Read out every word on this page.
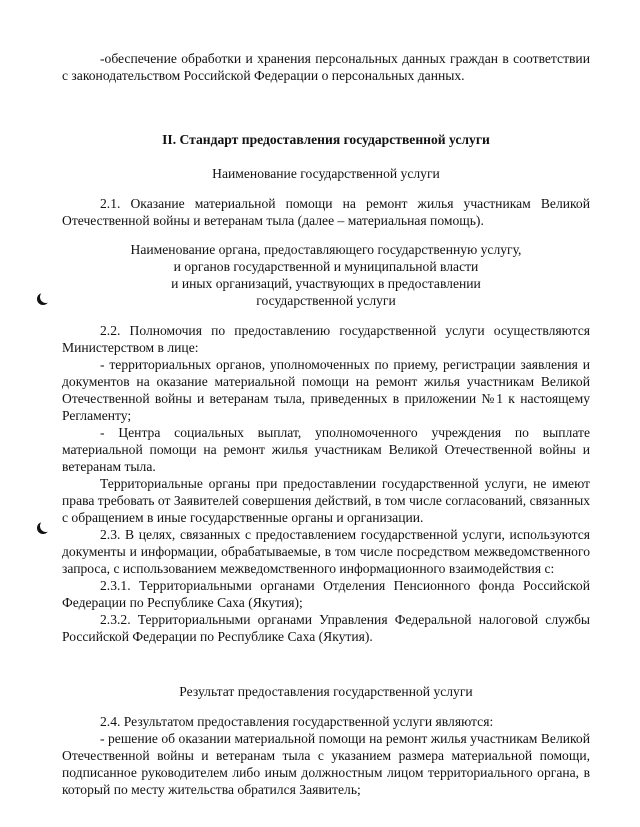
-обеспечение обработки и хранения персональных данных граждан в соответствии с законодательством Российской Федерации о персональных данных.

II. Стандарт предоставления государственной услуги

Наименование государственной услуги

2.1. Оказание материальной помощи на ремонт жилья участникам Великой Отечественной войны и ветеранам тыла (далее – материальная помощь).

Наименование органа, предоставляющего государственную услугу,

и органов государственной и муниципальной власти

и иных организаций, участвующих в предоставлении

государственной услуги

2.2. Полномочия по предоставлению государственной услуги осуществляются Министерством в лице:

- территориальных органов, уполномоченных по приему, регистрации заявления и документов на оказание материальной помощи на ремонт жилья участникам Великой Отечественной войны и ветеранам тыла, приведенных в приложении №1 к настоящему Регламенту;

- Центра социальных выплат, уполномоченного учреждения по выплате материальной помощи на ремонт жилья участникам Великой Отечественной войны и ветеранам тыла.

Территориальные органы при предоставлении государственной услуги, не имеют права требовать от Заявителей совершения действий, в том числе согласований, связанных с обращением в иные государственные органы и организации.

2.3. В целях, связанных с предоставлением государственной услуги, используются документы и информации, обрабатываемые, в том числе посредством межведомственного запроса, с использованием межведомственного информационного взаимодействия с:

2.3.1. Территориальными органами Отделения Пенсионного фонда Российской Федерации по Республике Саха (Якутия);

2.3.2. Территориальными органами Управления Федеральной налоговой службы Российской Федерации по Республике Саха (Якутия).

Результат предоставления государственной услуги

2.4. Результатом предоставления государственной услуги являются:

- решение об оказании материальной помощи на ремонт жилья участникам Великой Отечественной войны и ветеранам тыла с указанием размера материальной помощи, подписанное руководителем либо иным должностным лицом территориального органа, в который по месту жительства обратился Заявитель;
